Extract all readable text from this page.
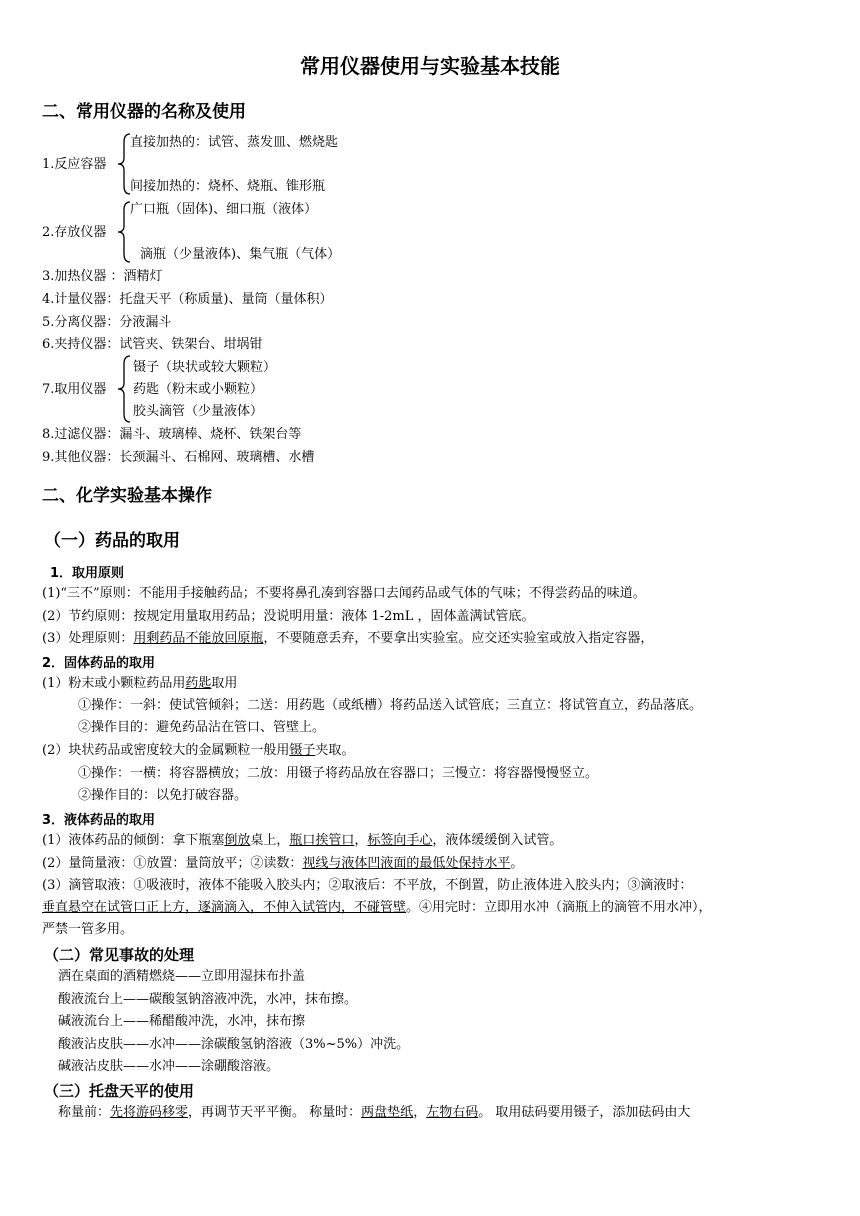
常用仪器使用与实验基本技能
二、常用仪器的名称及使用
1.反应容器
直接加热的：试管、蒸发皿、燃烧匙
间接加热的：烧杯、烧瓶、锥形瓶
2.存放仪器
广口瓶（固体)、细口瓶（液体）
滴瓶（少量液体)、集气瓶（气体）
3.加热仪器 ：酒精灯
4.计量仪器：托盘天平（称质量)、量筒（量体积）
5.分离仪器：分液漏斗
6.夹持仪器：试管夹、铁架台、坩埚钳
7.取用仪器
镊子（块状或较大颗粒）
药匙（粉末或小颗粒）
胶头滴管（少量液体）
8.过滤仪器：漏斗、玻璃棒、烧杯、铁架台等
9.其他仪器：长颈漏斗、石棉网、玻璃槽、水槽
二、化学实验基本操作
（一）药品的取用
1．取用原则
(1)“三不”原则：不能用手接触药品；不要将鼻孔凑到容器口去闻药品或气体的气味；不得尝药品的味道。
(2）节约原则：按规定用量取用药品；没说明用量：液体 1-2mL ，固体盖满试管底。
(3）处理原则：用剩药品不能放回原瓶，不要随意丢弃，不要拿出实验室。应交还实验室或放入指定容器，
2．固体药品的取用
(1）粉末或小颗粒药品用药匙取用
①操作：一斜：使试管倾斜；二送：用药匙（或纸槽）将药品送入试管底；三直立：将试管直立，药品落底。
②操作目的：避免药品沾在管口、管壁上。
(2）块状药品或密度较大的金属颗粒一般用镊子夹取。
①操作：一横：将容器横放；二放：用镊子将药品放在容器口；三慢立：将容器慢慢竖立。
②操作目的：以免打破容器。
3．液体药品的取用
(1）液体药品的倾倒：拿下瓶塞倒放桌上，瓶口挨管口，标签向手心，液体缓缓倒入试管。
(2）量筒量液：①放置：量筒放平；②读数：视线与液体凹液面的最低处保持水平。
(3）滴管取液：①吸液时，液体不能吸入胶头内；②取液后：不平放，不倒置，防止液体进入胶头内；③滴液时：
垂直悬空在试管口正上方，逐滴滴入，不伸入试管内，不碰管壁。④用完时：立即用水冲（滴瓶上的滴管不用水冲），
严禁一管多用。
（二）常见事故的处理
洒在桌面的酒精燃烧——立即用湿抹布扑盖
酸液流台上——碳酸氢钠溶液冲洗，水冲，抹布擦。
碱液流台上——稀醋酸冲洗，水冲，抹布擦
酸液沾皮肤——水冲——涂碳酸氢钠溶液（3%~5%）冲洗。
碱液沾皮肤——水冲——涂硼酸溶液。
（三）托盘天平的使用
称量前：先将游码移零，再调节天平平衡。 称量时：两盘垫纸，左物右码。 取用砝码要用镊子，添加砝码由大
